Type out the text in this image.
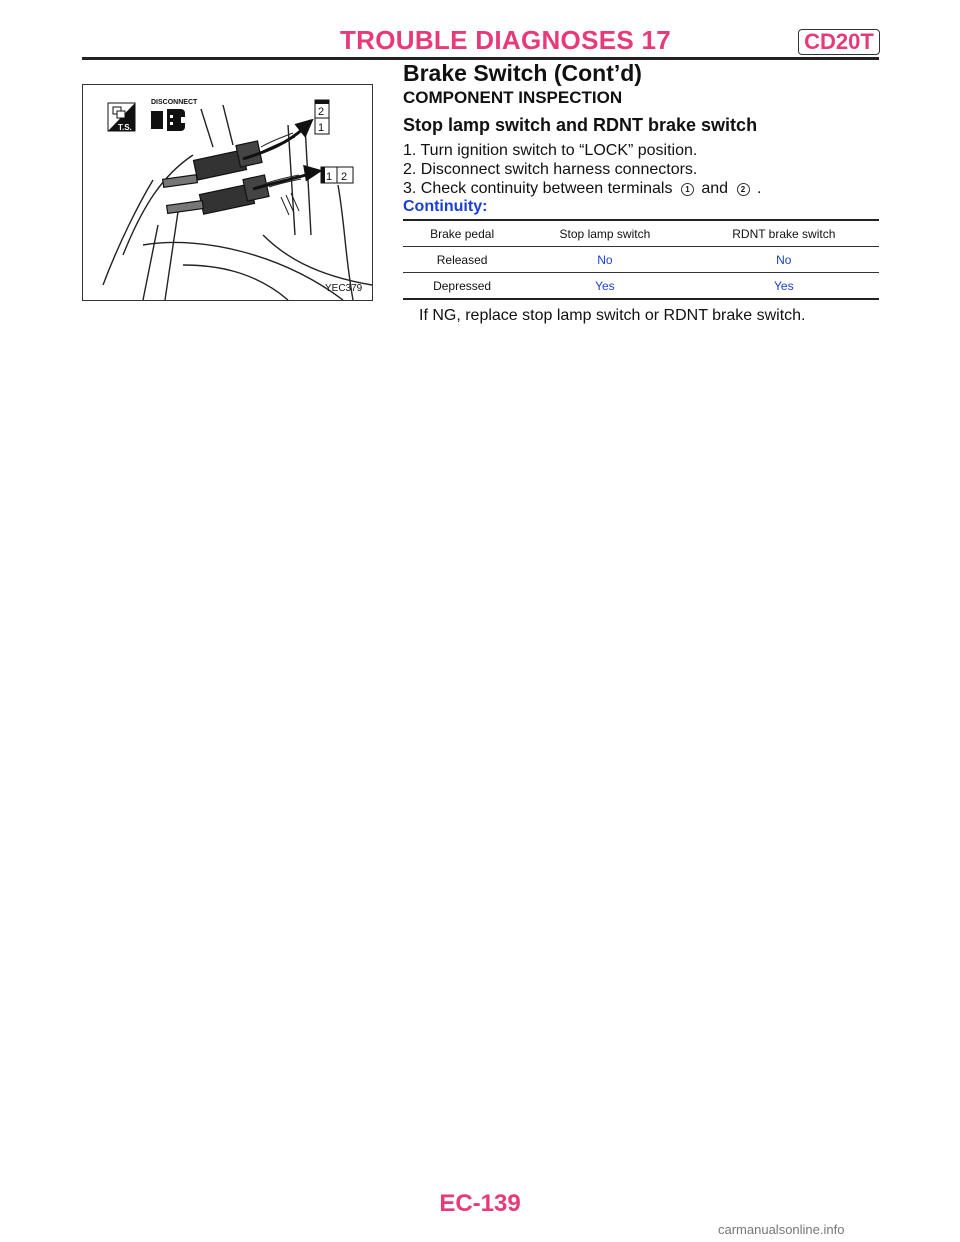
TROUBLE DIAGNOSES 17	CD20T
Brake Switch (Cont’d)
T.S.
DISCONNECT
2
1
1 2
YEC379
COMPONENT INSPECTION
Stop lamp switch and RDNT brake switch
1. Turn ignition switch to “LOCK” position.
2. Disconnect switch harness connectors.
3. Check continuity between terminals 1 and 2 .
Continuity:
Brake pedal	Stop lamp switch	RDNT brake switch
Released	No	No
Depressed	Yes	Yes
If NG, replace stop lamp switch or RDNT brake switch.
EC-139
carmanualsonline.info
